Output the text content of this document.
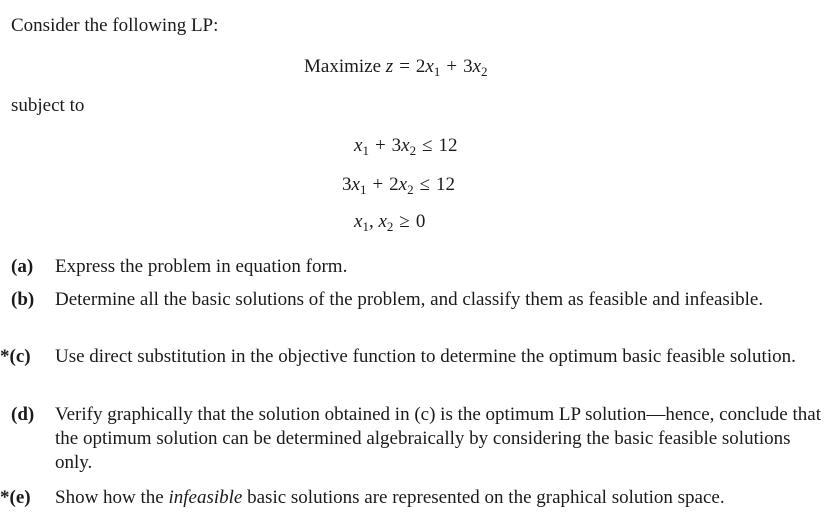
Consider the following LP:
Maximize $z = 2x_1 + 3x_2$
subject to
$x_1 + 3x_2 \le 12$
$3x_1 + 2x_2 \le 12$
$x_1$, $x_2 \ge 0$
(a) Express the problem in equation form.
(b) Determine all the basic solutions of the problem, and classify them as feasible and infeasible.
*(c) Use direct substitution in the objective function to determine the optimum basic feasible solution.
(d) Verify graphically that the solution obtained in (c) is the optimum LP solution—hence, conclude that the optimum solution can be determined algebraically by considering the basic feasible solutions only.
*(e) Show how the infeasible basic solutions are represented on the graphical solution space.
